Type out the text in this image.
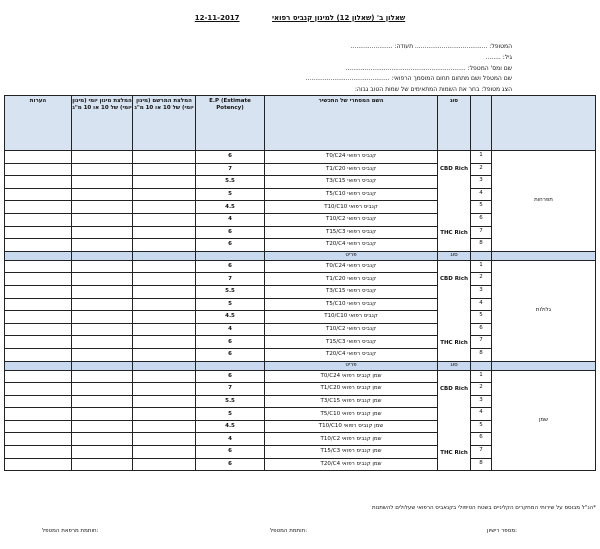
12-11-2017	שאלון ב' (שאלון 12) למינון קנביס רפואי
המטופל: ...................................... תעודה: ......................
גיל: ........
שם ומס' המטפל: ...............................................................
שם המטפל ושם מתחום תחום המוסמך הרפואי: ............................................
הצג מטופל: בחר את השמות המתאימים של שמות הטוב גבוה:
הערות	המלצת מינון יומי (מינון יומי) של 10 או 10 מ"ג	המלצת המרשם (מינון יומי) של 10 או 10 מ"ג	E.P (Estimate Potency)	השם המסחרי של התכשיר	סוג		
			6	קנביס רפואי T0/C24	CBD Rich	1	תפרחות
			7	קנביס רפואי T1/C20		2	
			5.5	קנביס רפואי T3/C15		3	
			5	קנביס רפואי T5/C10		4	
			4.5	קנביס רפואי T10/C10		5	
			4	קנביס רפואי T10/C2	THC Rich	6	
			6	קנביס רפואי T15/C3		7	
			6	קנביס רפואי T20/C4		8	
				פריט	סוג		
			6	קנביס רפואי T0/C24	CBD Rich	1	גלולות
			7	קנביס רפואי T1/C20		2	
			5.5	קנביס רפואי T3/C15		3	
			5	קנביס רפואי T5/C10		4	
			4.5	קנביס רפואי T10/C10		5	
			4	קנביס רפואי T10/C2	THC Rich	6	
			6	קנביס רפואי T15/C3		7	
			6	קנביס רפואי T20/C4		8	
				פריט	סוג		
			6	שמן קנביס רפואי T0/C24	CBD Rich	1	שמן
			7	שמן קנביס רפואי T1/C20		2	
			5.5	שמן קנביס רפואי T3/C15		3	
			5	שמן קנביס רפואי T5/C10		4	
			4.5	שמן קנביס רפואי T10/C10		5	
			4	שמן קנביס רפואי T10/C2	THC Rich	6	
			6	שמן קנביס רפואי T15/C3		7	
			6	שמן קנביס רפואי T20/C4		8	
*הנ"ל מבוסס על שירותי המחקרים הקליניים בשטח הטיפולי בקנאביס הרפואי שעלולים להשתנות
מספר רישיון:
חותמת המטפל:
חותמת מרפאת המטפל:
